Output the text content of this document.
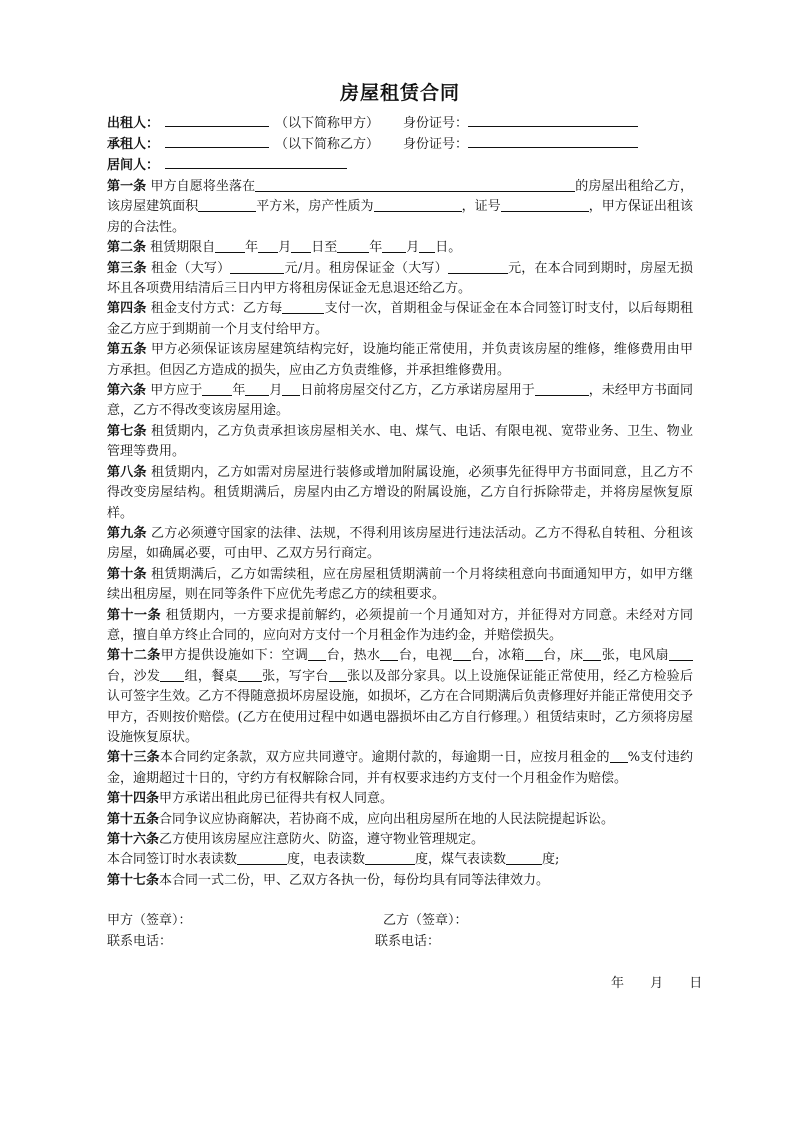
房屋租赁合同
出租人：	（以下简称甲方） 身份证号：
承租人：	（以下简称乙方） 身份证号：
居间人：

第一条 甲方自愿将坐落在	的房屋出租给乙方，该房屋建筑面积	平方米，房产性质为	，证号	，甲方保证出租该房的合法性。

第二条 租赁期限自 年 月 日至 年 月 日。

第三条 租金（大写）	元/月。租房保证金（大写）	元，在本合同到期时，房屋无损坏且各项费用结清后三日内甲方将租房保证金无息退还给乙方。

第四条 租金支付方式：乙方每	支付一次，首期租金与保证金在本合同签订时支付，以后每期租金乙方应于到期前一个月支付给甲方。

第五条 甲方必须保证该房屋建筑结构完好，设施均能正常使用，并负责该房屋的维修，维修费用由甲方承担。但因乙方造成的损失，应由乙方负责维修，并承担维修费用。

第六条 甲方应于 年 月 日前将房屋交付乙方，乙方承诺房屋用于	，未经甲方书面同意，乙方不得改变该房屋用途。

第七条 租赁期内，乙方负责承担该房屋相关水、电、煤气、电话、有限电视、宽带业务、卫生、物业管理等费用。

第八条 租赁期内，乙方如需对房屋进行装修或增加附属设施，必须事先征得甲方书面同意，且乙方不得改变房屋结构。租赁期满后，房屋内由乙方增设的附属设施，乙方自行拆除带走，并将房屋恢复原样。

第九条 乙方必须遵守国家的法律、法规，不得利用该房屋进行违法活动。乙方不得私自转租、分租该房屋，如确属必要，可由甲、乙双方另行商定。

第十条 租赁期满后，乙方如需续租，应在房屋租赁期满前一个月将续租意向书面通知甲方，如甲方继续出租房屋，则在同等条件下应优先考虑乙方的续租要求。

第十一条 租赁期内，一方要求提前解约，必须提前一个月通知对方，并征得对方同意。未经对方同意，擅自单方终止合同的，应向对方支付一个月租金作为违约金，并赔偿损失。

第十二条甲方提供设施如下：空调 台，热水 台，电视 台，冰箱 台，床 张，电风扇台，沙发 组，餐桌 张，写字台 张以及部分家具。以上设施保证能正常使用，经乙方检验后认可签字生效。乙方不得随意损坏房屋设施，如损坏，乙方在合同期满后负责修理好并能正常使用交予甲方，否则按价赔偿。(乙方在使用过程中如遇电器损坏由乙方自行修理。）租赁结束时，乙方须将房屋设施恢复原状。

第十三条本合同约定条款，双方应共同遵守。逾期付款的，每逾期一日，应按月租金的 %支付违约金，逾期超过十日的，守约方有权解除合同，并有权要求违约方支付一个月租金作为赔偿。

第十四条甲方承诺出租此房已征得共有权人同意。

第十五条合同争议应协商解决，若协商不成，应向出租房屋所在地的人民法院提起诉讼。

第十六条乙方使用该房屋应注意防火、防盗，遵守物业管理规定。

本合同签订时水表读数	度，电表读数	度，煤气表读数	度;

第十七条本合同一式二份，甲、乙双方各执一份，每份均具有同等法律效力。

甲方（签章）：	乙方（签章）：
联系电话：	联系电话：
年 月 日
